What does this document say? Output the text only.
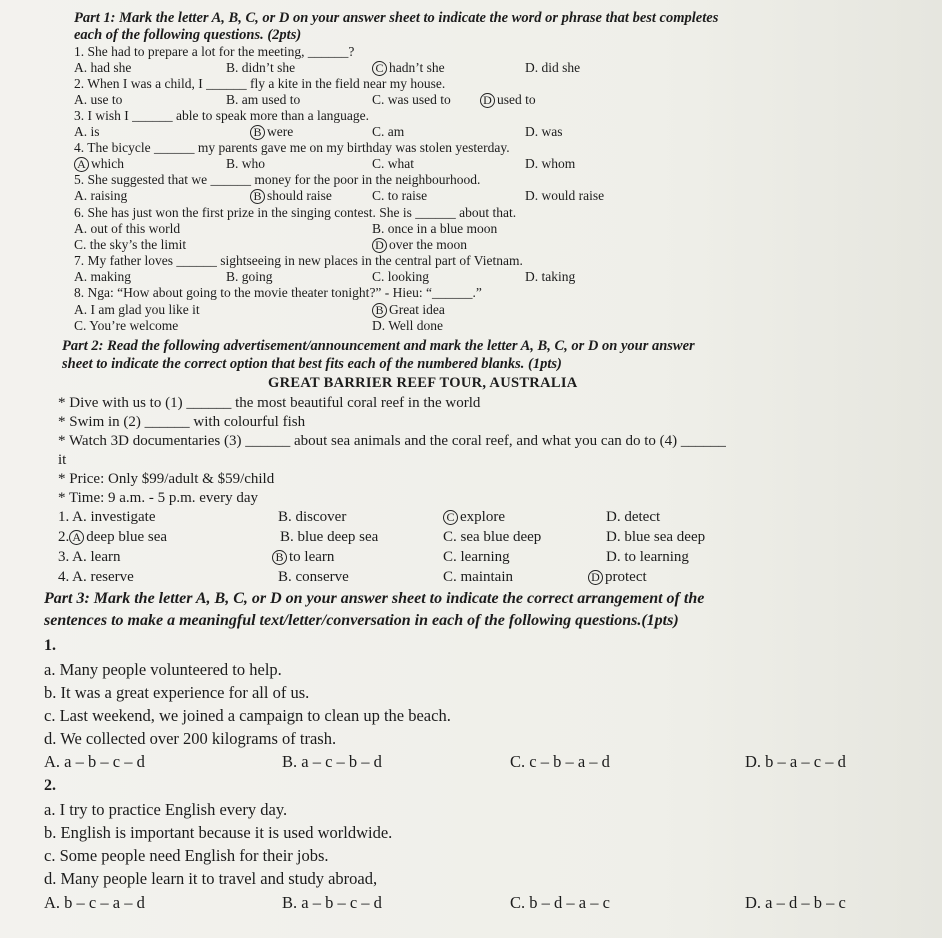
Part 1: Mark the letter A, B, C, or D on your answer sheet to indicate the word or phrase that best completes
each of the following questions. (2pts)
1. She had to prepare a lot for the meeting, ______?
A. had she	B. didn’t she	C hadn’t she	D. did she
2. When I was a child, I ______ fly a kite in the field near my house.
A. use to	B. am used to	C. was used to	D used to
3. I wish I ______ able to speak more than a language.
A. is	B were	C. am	D. was
4. The bicycle ______ my parents gave me on my birthday was stolen yesterday.
A which	B. who	C. what	D. whom
5. She suggested that we ______ money for the poor in the neighbourhood.
A. raising	B should raise	C. to raise	D. would raise
6. She has just won the first prize in the singing contest. She is ______ about that.
A. out of this world	B. once in a blue moon
C. the sky’s the limit	D over the moon
7. My father loves ______ sightseeing in new places in the central part of Vietnam.
A. making	B. going	C. looking	D. taking
8. Nga: “How about going to the movie theater tonight?” - Hieu: “______.”
A. I am glad you like it	B Great idea
C. You’re welcome	D. Well done
Part 2: Read the following advertisement/announcement and mark the letter A, B, C, or D on your answer
sheet to indicate the correct option that best fits each of the numbered blanks. (1pts)
GREAT BARRIER REEF TOUR, AUSTRALIA
* Dive with us to (1) ______ the most beautiful coral reef in the world
* Swim in (2) ______ with colourful fish
* Watch 3D documentaries (3) ______ about sea animals and the coral reef, and what you can do to (4) ______
it
* Price: Only $99/adult & $59/child
* Time: 9 a.m. - 5 p.m. every day
1. A. investigate	B. discover	C explore	D. detect
2. A deep blue sea	B. blue deep sea	C. sea blue deep	D. blue sea deep
3. A. learn	B to learn	C. learning	D. to learning
4. A. reserve	B. conserve	C. maintain	D protect
Part 3: Mark the letter A, B, C, or D on your answer sheet to indicate the correct arrangement of the
sentences to make a meaningful text/letter/conversation in each of the following questions.(1pts)
1.
a. Many people volunteered to help.
b. It was a great experience for all of us.
c. Last weekend, we joined a campaign to clean up the beach.
d. We collected over 200 kilograms of trash.
A. a – b – c – d	B. a – c – b – d	C. c – b – a – d	D. b – a – c – d
2.
a. I try to practice English every day.
b. English is important because it is used worldwide.
c. Some people need English for their jobs.
d. Many people learn it to travel and study abroad,
A. b – c – a – d	B. a – b – c – d	C. b – d – a – c	D. a – d – b – c
